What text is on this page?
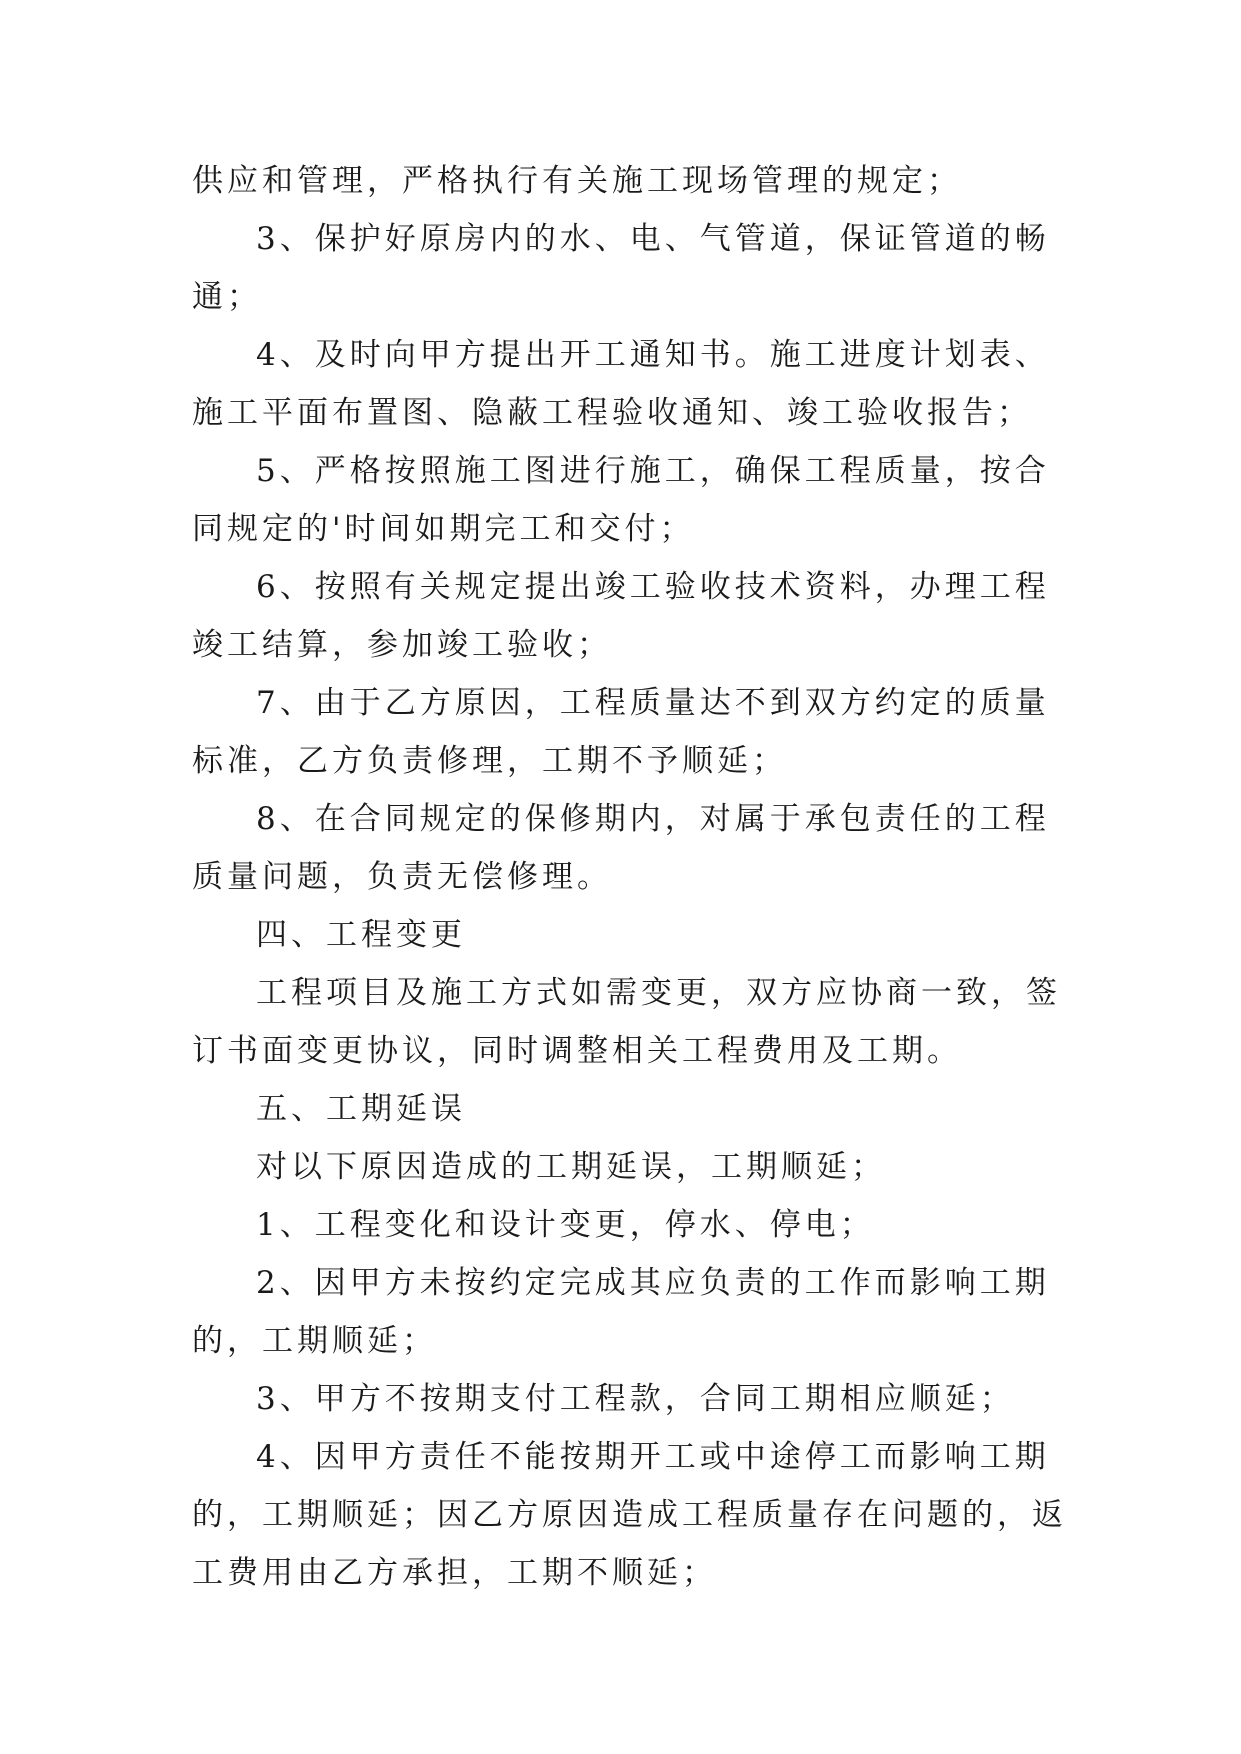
供应和管理，严格执行有关施工现场管理的规定；

3、保护好原房内的水、电、气管道，保证管道的畅通；

4、及时向甲方提出开工通知书。施工进度计划表、施工平面布置图、隐蔽工程验收通知、竣工验收报告；

5、严格按照施工图进行施工，确保工程质量，按合同规定的'时间如期完工和交付；

6、按照有关规定提出竣工验收技术资料，办理工程竣工结算，参加竣工验收；

7、由于乙方原因，工程质量达不到双方约定的质量标准，乙方负责修理，工期不予顺延；

8、在合同规定的保修期内，对属于承包责任的工程质量问题，负责无偿修理。

四、工程变更

工程项目及施工方式如需变更，双方应协商一致，签订书面变更协议，同时调整相关工程费用及工期。

五、工期延误

对以下原因造成的工期延误，工期顺延；

1、工程变化和设计变更，停水、停电；

2、因甲方未按约定完成其应负责的工作而影响工期的，工期顺延；

3、甲方不按期支付工程款，合同工期相应顺延；

4、因甲方责任不能按期开工或中途停工而影响工期的，工期顺延；因乙方原因造成工程质量存在问题的，返工费用由乙方承担，工期不顺延；
